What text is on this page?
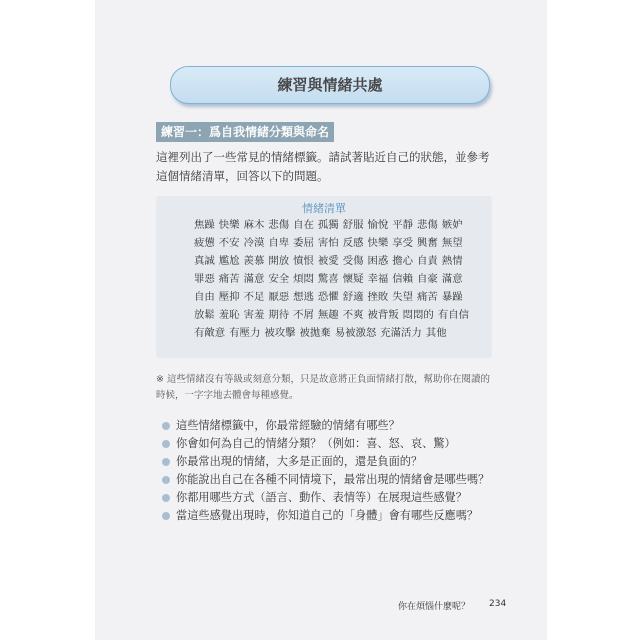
練習與情緒共處
練習一：爲自我情緒分類與命名
這裡列出了一些常見的情緒標籤。請試著貼近自己的狀態，並參考
這個情緒清單，回答以下的問題。
情緒清單
焦躁 快樂 麻木 悲傷 自在 孤獨 舒服 愉悅 平靜 悲傷 嫉妒疲憊 不安 冷漠 自卑 委屈 害怕 反感 快樂 享受 興奮 無望真誠 尷尬 羨慕 開放 憤恨 被愛 受傷 困惑 擔心 自責 熱情罪惡 痛苦 滿意 安全 煩悶 驚喜 懷疑 幸福 信賴 自豪 滿意自由 壓抑 不足 厭惡 想逃 恐懼 舒適 挫敗 失望 痛苦 暴躁放鬆 羞恥 害羞 期待 不屑 無趣 不爽 被背叛 悶悶的 有自信有敵意 有壓力 被攻擊 被拋棄 易被激怒 充滿活力 其他
※ 這些情緒沒有等級或刻意分類，只是故意將正負面情緒打散，幫助你在閱讀的
時候，一字字地去體會每種感覺。
這些情緒標籤中，你最常經驗的情緒有哪些？
你會如何為自己的情緒分類？（例如：喜、怒、哀、驚）
你最常出現的情緒，大多是正面的，還是負面的？
你能說出自己在各種不同情境下，最常出現的情緒會是哪些嗎？
你都用哪些方式（語言、動作、表情等）在展現這些感覺？
當這些感覺出現時，你知道自己的「身體」會有哪些反應嗎？
你在煩惱什麼呢？ 234
